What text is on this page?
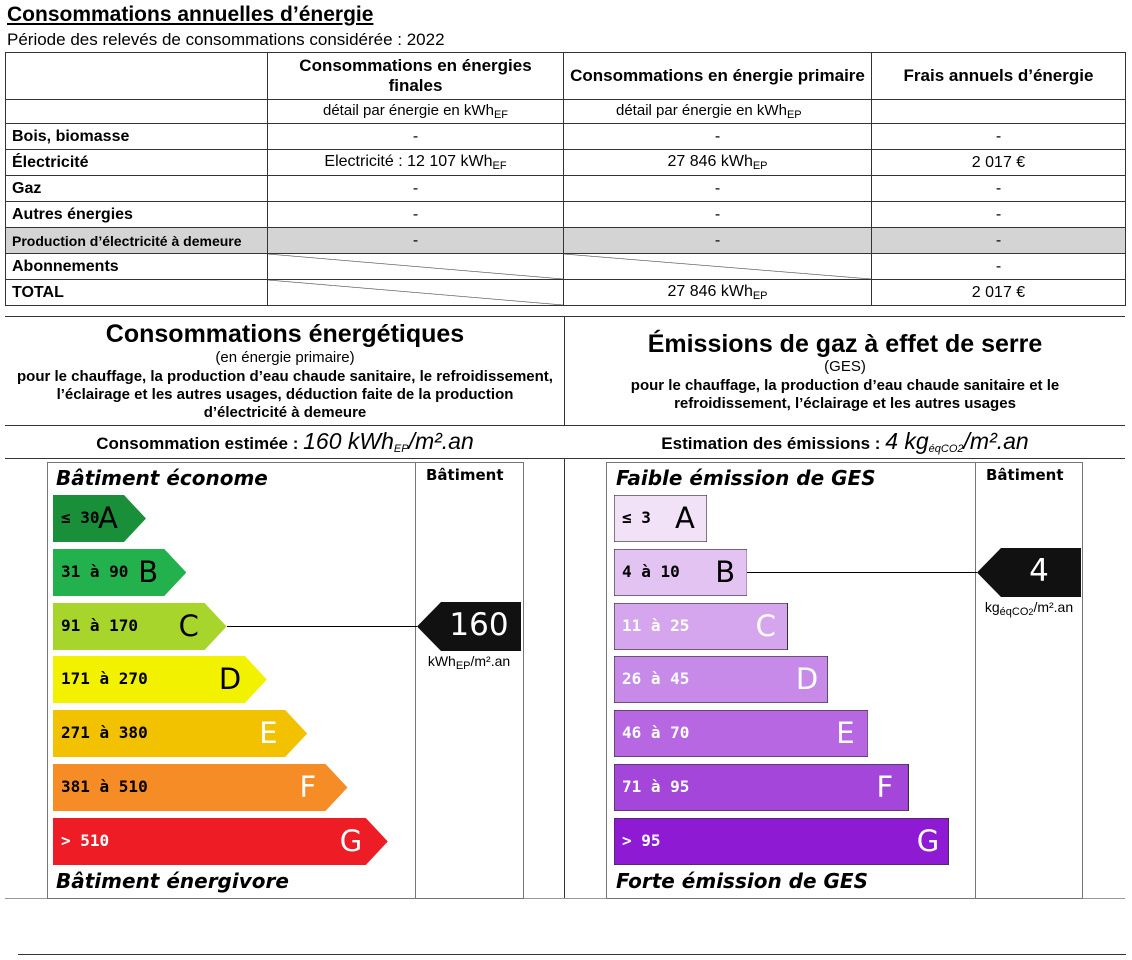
Consommations annuelles d’énergie
Période des relevés de consommations considérée : 2022
	Consommations en énergies finales	Consommations en énergie primaire	Frais annuels d’énergie
	détail par énergie en kWh$_{EF}$	détail par énergie en kWh$_{EP}$	
Bois, biomasse	-	-	-
Électricité	Electricité : 12 107 kWh$_{EF}$	27 846 kWh$_{EP}$	2 017 €
Gaz	-	-	-
Autres énergies	-	-	-
Production d’électricité à demeure	-	-	-
Abonnements			-
TOTAL		27 846 kWh$_{EP}$	2 017 €
Consommations énergétiques
(en énergie primaire)
pour le chauffage, la production d’eau chaude sanitaire, le refroidissement, l’éclairage et les autres usages, déduction faite de la production d’électricité à demeure
Consommation estimée : 160 kWh$_{EP}$/m².an
Émissions de gaz à effet de serre
(GES)
pour le chauffage, la production d’eau chaude sanitaire et le refroidissement, l’éclairage et les autres usages
Estimation des émissions : 4 $kg_{éqCO2}/m^2.an$
Bâtiment économe
Bâtiment énergivore
Bâtiment
≤ 30
A
31 à 90 B
91 à 170 C
171 à 270 D
271 à 380	E
381 à 510	F
> 510	G
160
kWh$_{EP}$/m².an
Faible émission de GES
Forte émission de GES
Bâtiment
≤ 3 A
4 à 10 B
11 à 25 C
26 à 45	D
46 à 70	E
71 à 95	F
> 95	G
4
$kg_{éqCO2}/m^2.an$
